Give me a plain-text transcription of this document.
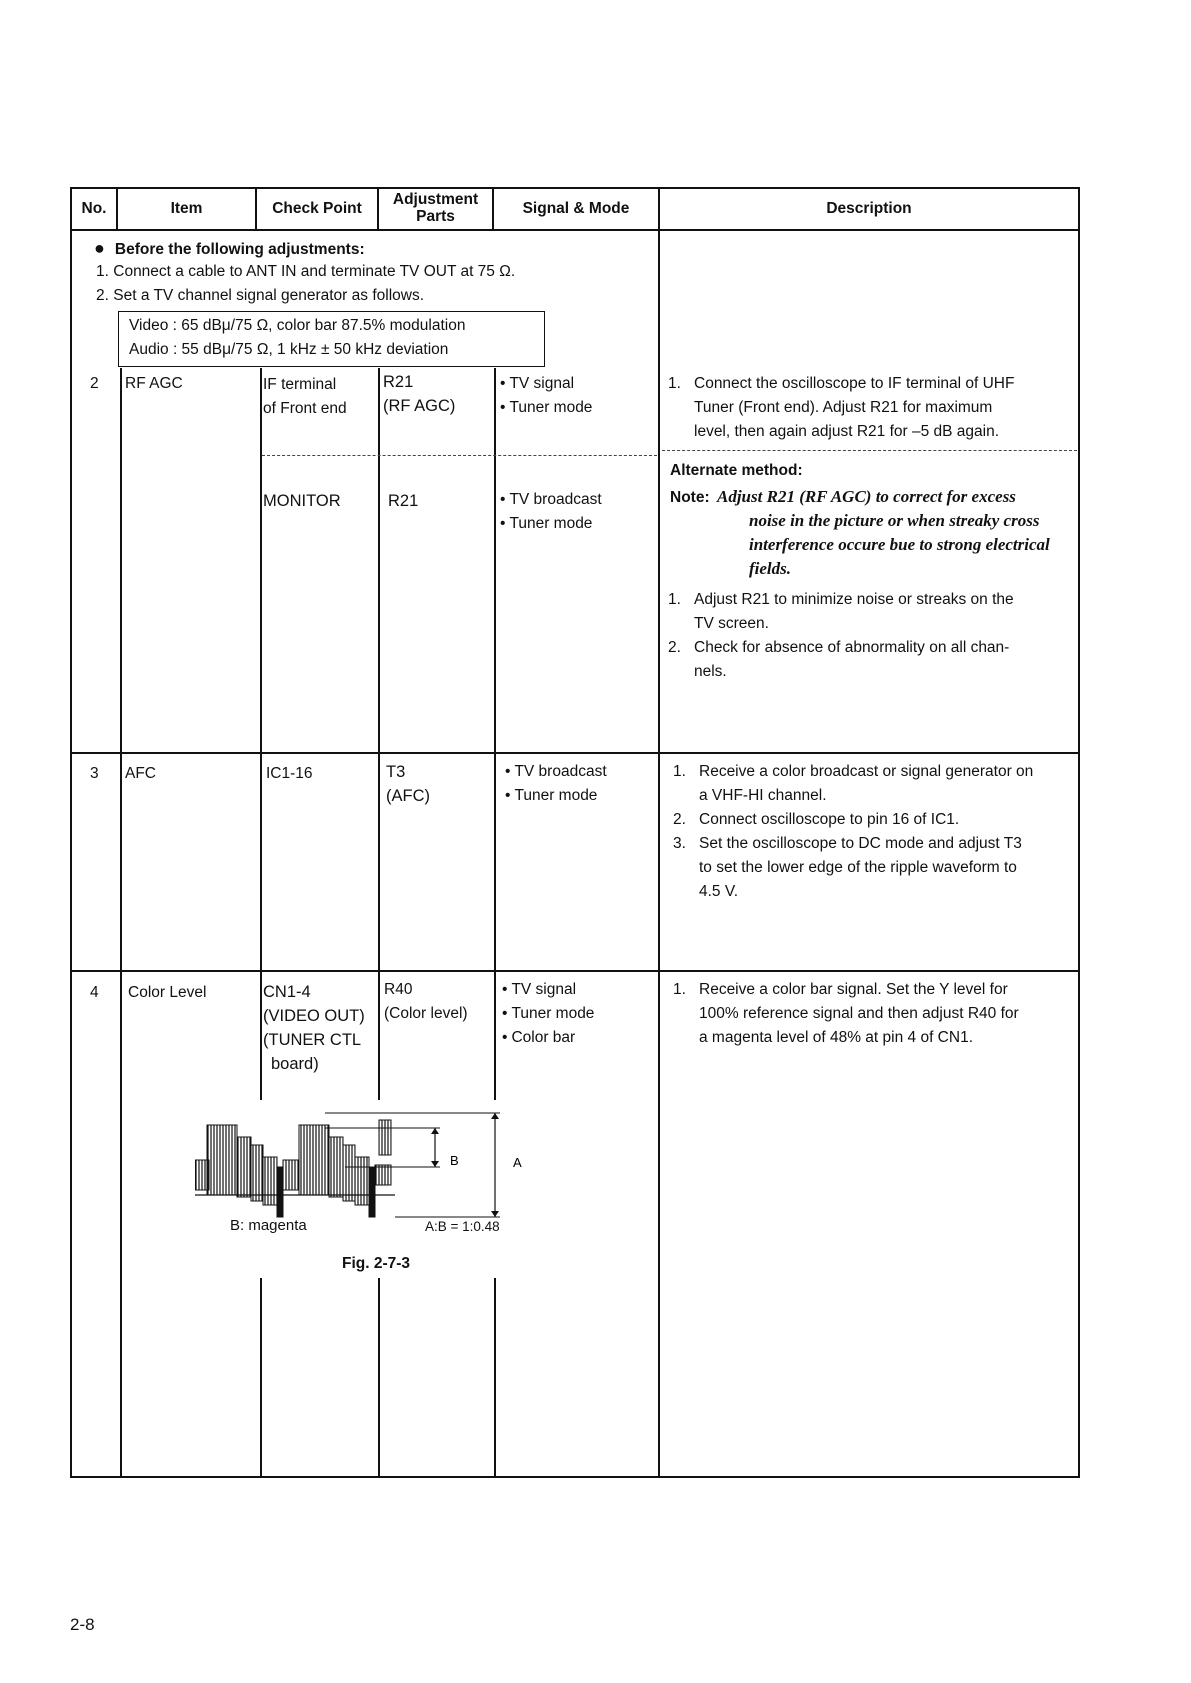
No.	Item	Check Point
Adjustment
Parts	Signal & Mode	Description
● Before the following adjustments:
1. Connect a cable to ANT IN and terminate TV OUT at 75 Ω.
2. Set a TV channel signal generator as follows.
Video : 65 dBμ/75 Ω, color bar 87.5% modulation
Audio : 55 dBμ/75 Ω, 1 kHz ± 50 kHz deviation
2 RF AGC	IF terminal
of Front end
R21
(RF AGC)
• TV signal
• Tuner mode
1. Connect the oscilloscope to IF terminal of UHF
Tuner (Front end). Adjust R21 for maximum
level, then again adjust R21 for –5 dB again.
Alternate method:
MONITOR	R21
•	TV broadcast
• Tuner mode
Note: Adjust R21 (RF AGC) to correct for excess
noise in the picture or when streaky cross
interference occure bue to strong electrical
fields.
1. Adjust R21 to minimize noise or streaks on the
TV screen.
2. Check for absence of abnormality on all chan-
nels.
3 AFC	IC1-16	T3
(AFC)
• TV broadcast
• Tuner mode
1. Receive a color broadcast or signal generator on
a VHF-HI channel.
2. Connect oscilloscope to pin 16 of IC1.
3. Set the oscilloscope to DC mode and adjust T3
to set the lower edge of the ripple waveform to
4.5 V.
4 Color Level	CN1-4
(VIDEO OUT)
(TUNER CTL
board)
R40
(Color level)
• TV signal
• Tuner mode
• Color bar
1. Receive a color bar signal. Set the Y level for
100% reference signal and then adjust R40 for
a magenta level of 48% at pin 4 of CN1.
B	A
B: magenta	A:B = 1:0.48
Fig. 2-7-3
2-8
